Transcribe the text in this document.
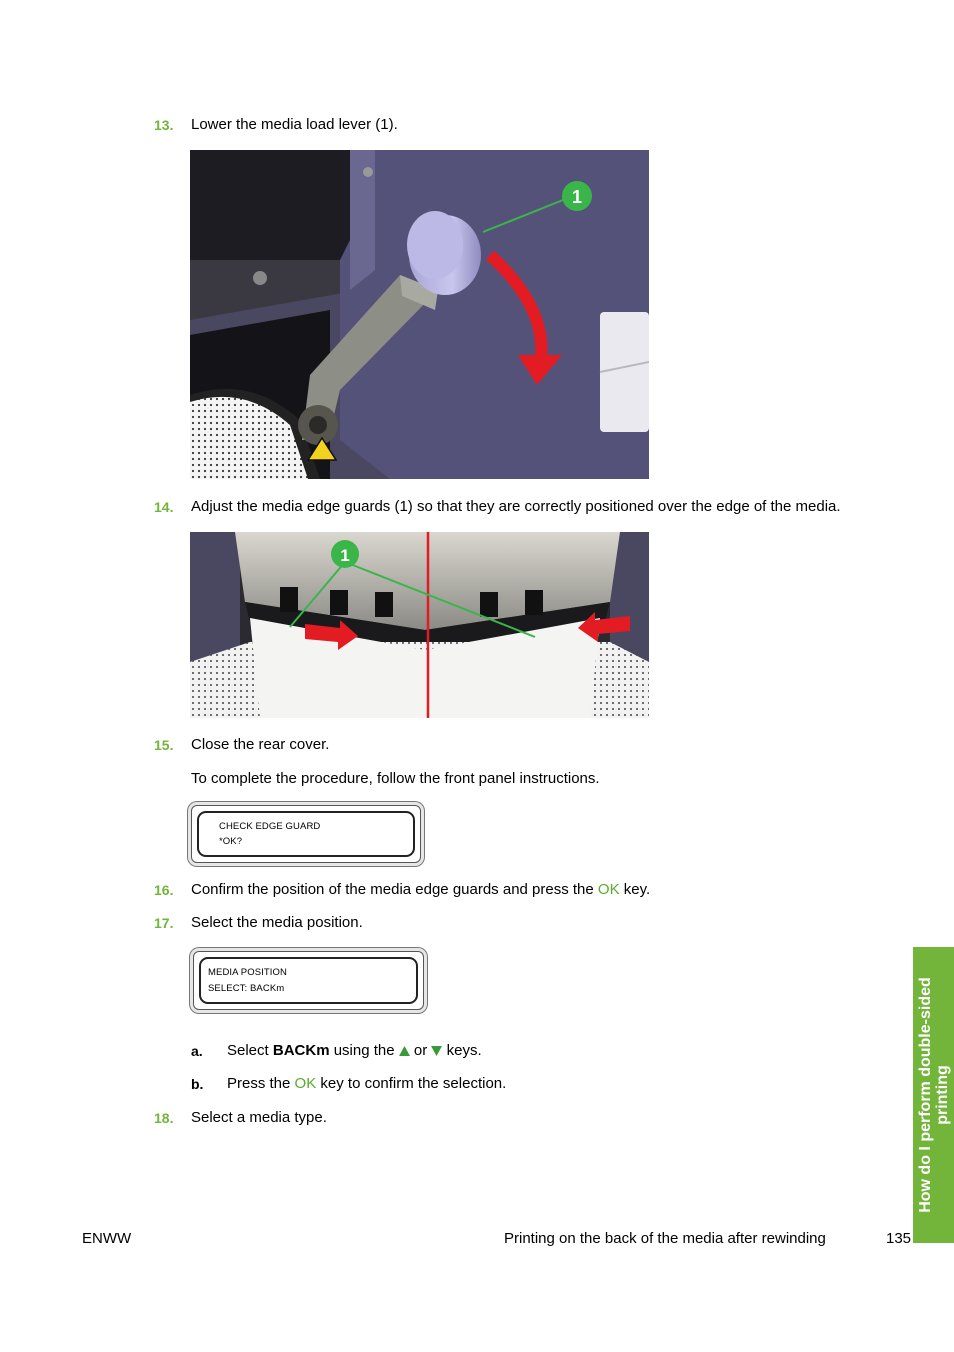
13. Lower the media load lever (1).
1
14. Adjust the media edge guards (1) so that they are correctly positioned over the edge of the media.
1
15. Close the rear cover.
To complete the procedure, follow the front panel instructions.
CHECK EDGE GUARD
*OK?
16. Confirm the position of the media edge guards and press the OK key.
17. Select the media position.
MEDIA POSITION
SELECT: BACKm
a. Select BACKm using the  or  keys.
b. Press the OK key to confirm the selection.
18. Select a media type.	How do I perform double-sided printing
ENWW	Printing on the back of the media after rewinding	135
